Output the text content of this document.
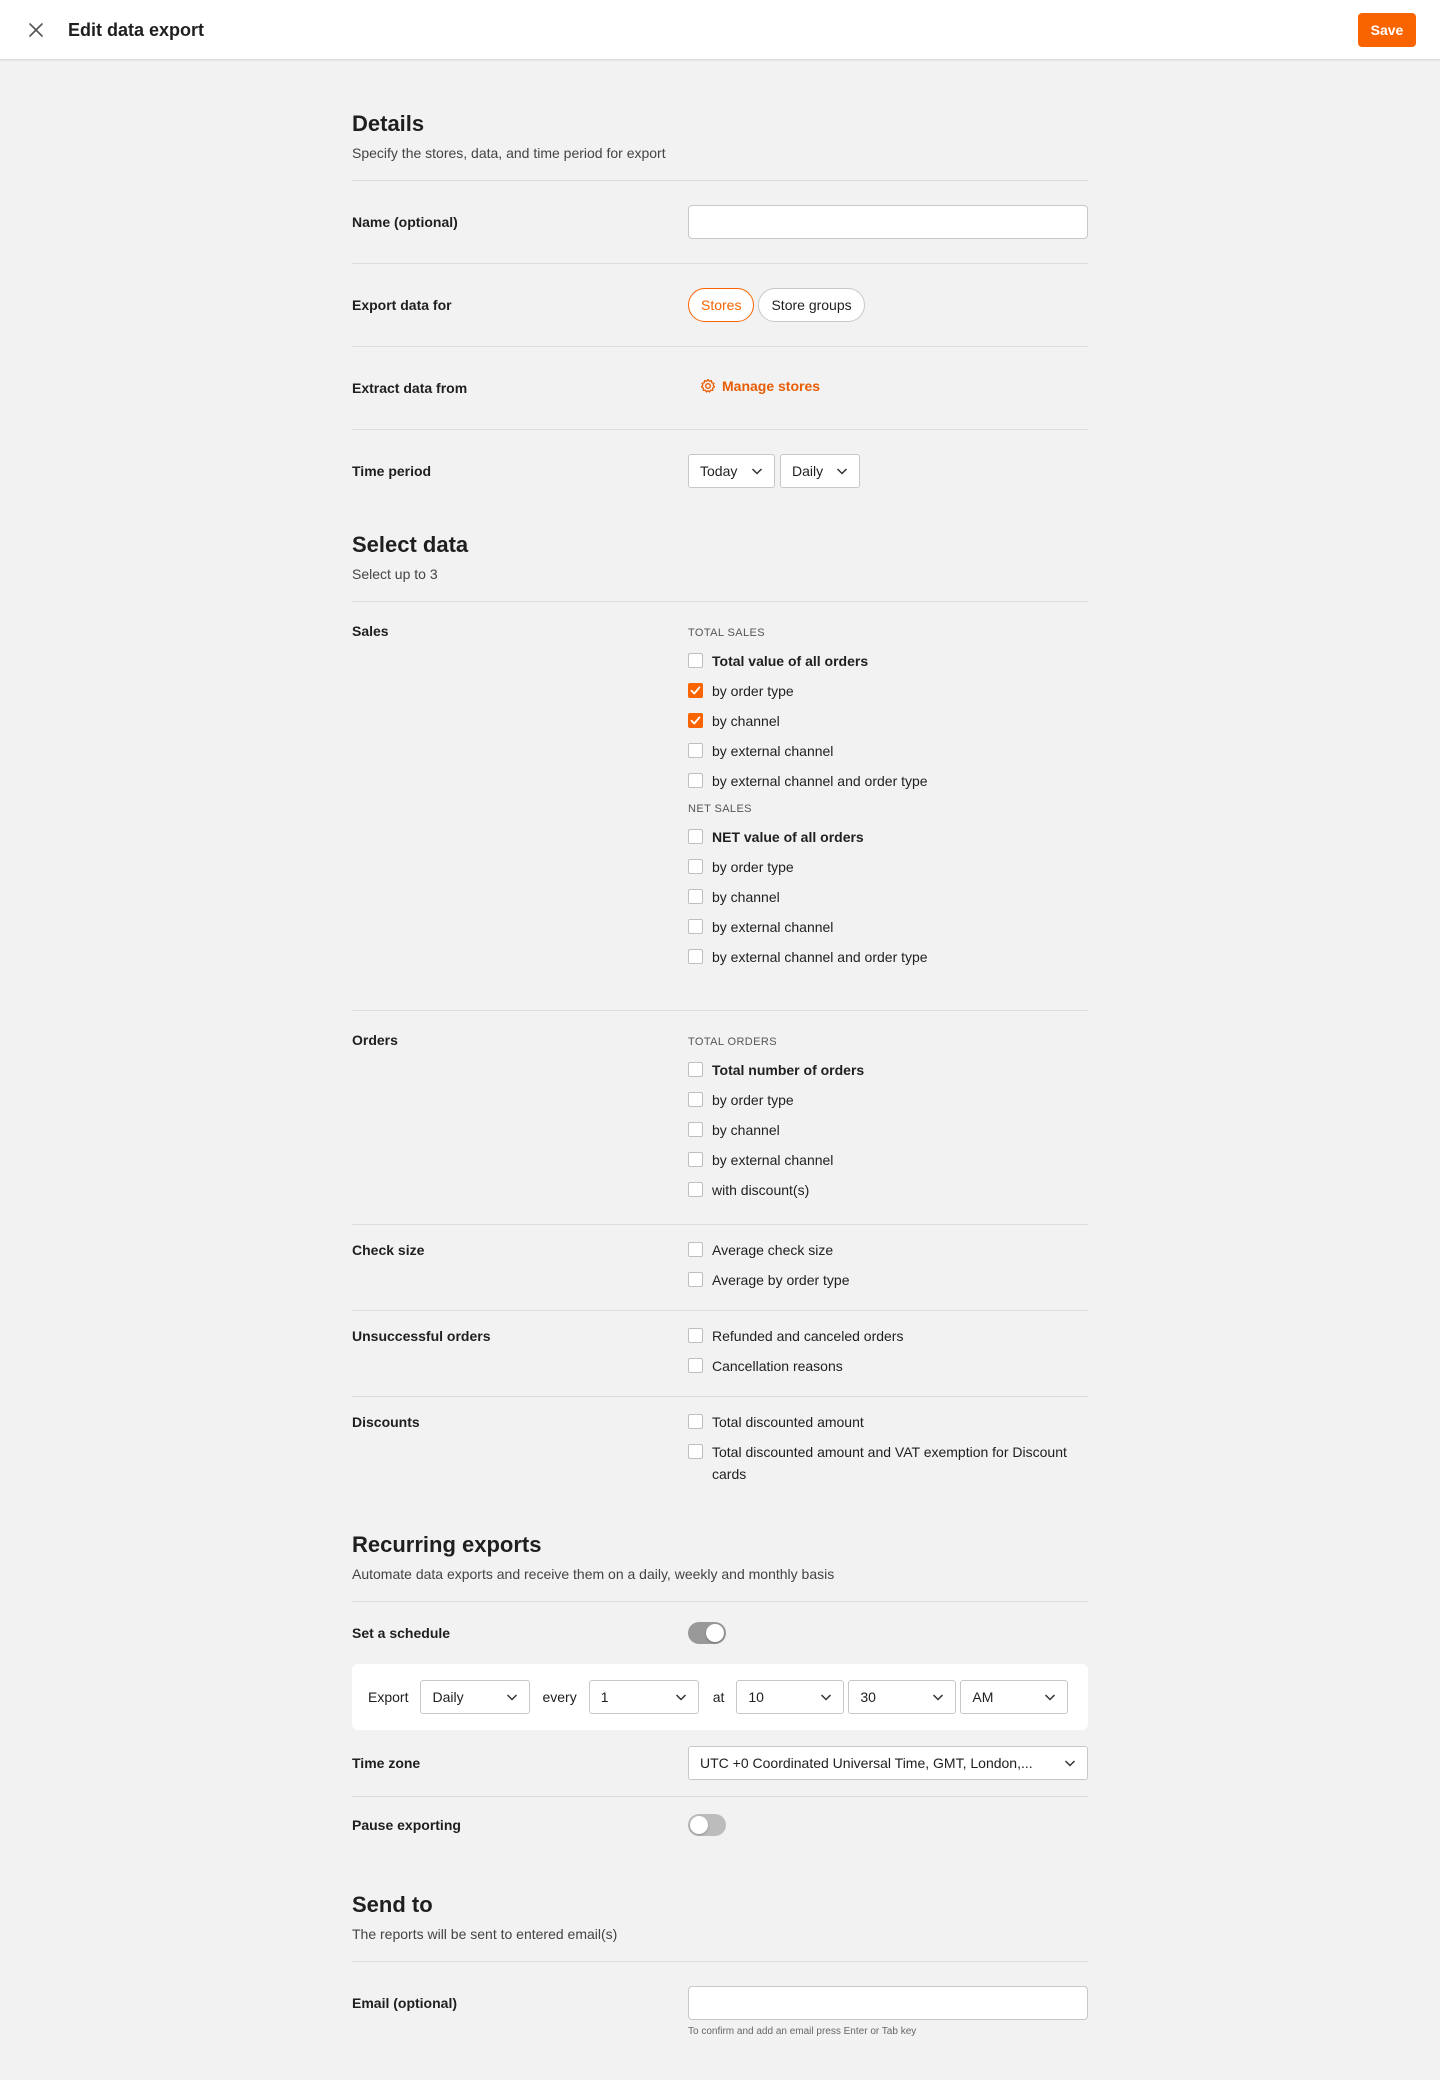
Edit data export	Save
Details
Specify the stores, data, and time period for export
Name (optional)
Export data for	Stores Store groups
Extract data from	Manage stores
Time period	Today	Daily
Select data
Select up to 3
Sales	TOTAL SALES
Total value of all orders
by order type
by channel
by external channel
by external channel and order type
NET SALES
NET value of all orders
by order type
by channel
by external channel
by external channel and order type
Orders	TOTAL ORDERS
Total number of orders
by order type
by channel
by external channel
with discount(s)
Check size	Average check size
Average by order type
Unsuccessful orders	Refunded and canceled orders
Cancellation reasons
Discounts	Total discounted amount
Total discounted amount and VAT exemption for Discount cards
Recurring exports
Automate data exports and receive them on a daily, weekly and monthly basis
Set a schedule
Export Daily	every 1	at 10	30	AM
Time zone	UTC +0 Coordinated Universal Time, GMT, London,...
Pause exporting
Send to
The reports will be sent to entered email(s)
Email (optional)
To confirm and add an email press Enter or Tab key
